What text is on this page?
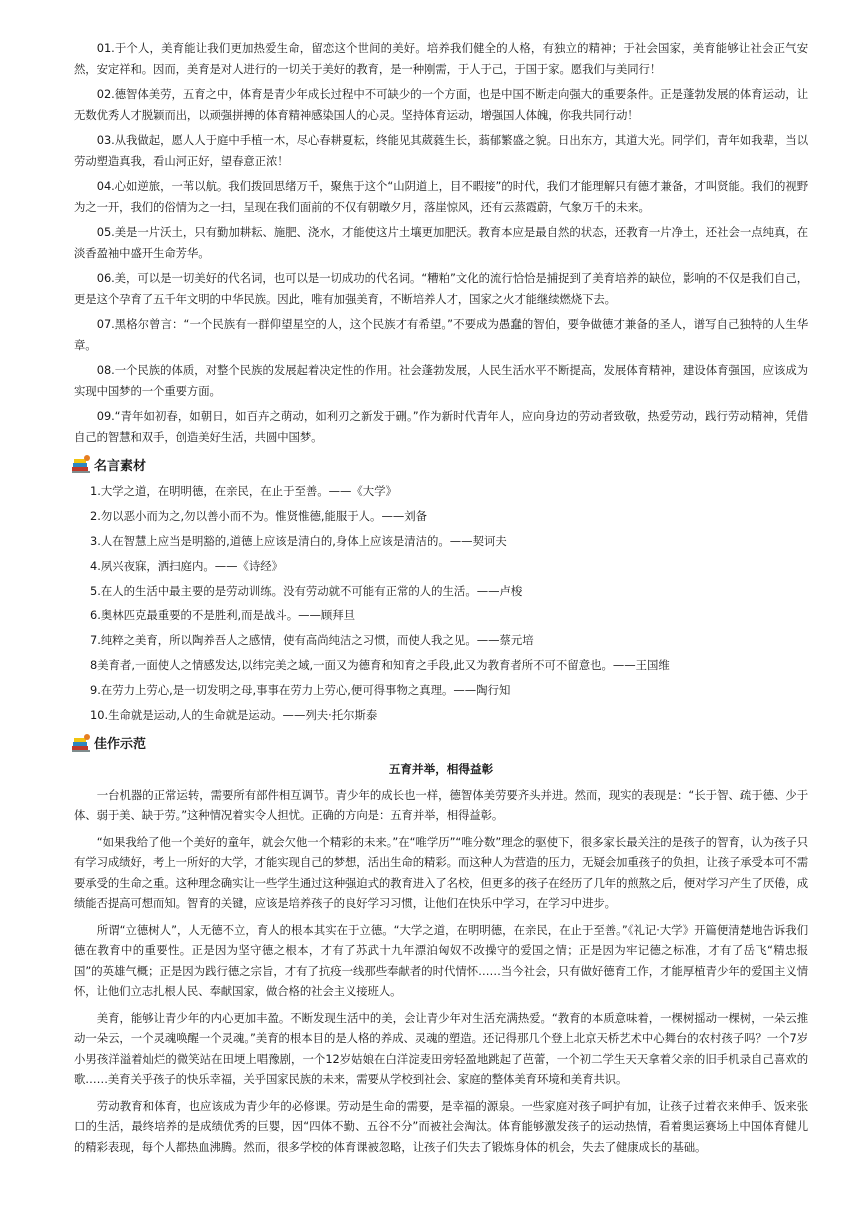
01.于个人，美育能让我们更加热爱生命，留恋这个世间的美好。培养我们健全的人格，有独立的精神；于社会国家，美育能够让社会正气安然，安定祥和。因而，美育是对人进行的一切关于美好的教育，是一种刚需，于人于己，于国于家。愿我们与美同行！

02.德智体美劳，五育之中，体育是青少年成长过程中不可缺少的一个方面，也是中国不断走向强大的重要条件。正是蓬勃发展的体育运动，让无数优秀人才脱颖而出，以顽强拼搏的体育精神感染国人的心灵。坚持体育运动，增强国人体魄，你我共同行动！

03.从我做起，愿人人于庭中手植一木，尽心春耕夏耘，终能见其葳蕤生长，蓊郁繁盛之貌。日出东方，其道大光。同学们，青年如我辈，当以劳动塑造真我，看山河正好，望春意正浓！

04.心如逆旅，一苇以航。我们拨回思绪万千，聚焦于这个“山阴道上，目不暇接”的时代，我们才能理解只有德才兼备，才叫贤能。我们的视野为之一开，我们的俗情为之一扫，呈现在我们面前的不仅有朝暾夕月，落崖惊风，还有云蒸霞蔚，气象万千的未来。

05.美是一片沃土，只有勤加耕耘、施肥、浇水，才能使这片土壤更加肥沃。教育本应是最自然的状态，还教育一片净土，还社会一点纯真，在淡香盈袖中盛开生命芳华。

06.美，可以是一切美好的代名词，也可以是一切成功的代名词。“糟粕”文化的流行恰恰是捕捉到了美育培养的缺位，影响的不仅是我们自己，更是这个孕育了五千年文明的中华民族。因此，唯有加强美育，不断培养人才，国家之火才能继续燃烧下去。

07.黑格尔曾言：“一个民族有一群仰望星空的人，这个民族才有希望。”不要成为愚蠢的智伯，要争做德才兼备的圣人，谱写自己独特的人生华章。

08.一个民族的体质，对整个民族的发展起着决定性的作用。社会蓬勃发展，人民生活水平不断提高，发展体育精神，建设体育强国，应该成为实现中国梦的一个重要方面。

09.“青年如初春，如朝日，如百卉之萌动，如利刃之新发于硎。”作为新时代青年人，应向身边的劳动者致敬，热爱劳动，践行劳动精神，凭借自己的智慧和双手，创造美好生活，共圆中国梦。

名言素材

1.大学之道，在明明德，在亲民，在止于至善。——《大学》

2.勿以恶小而为之,勿以善小而不为。惟贤惟德,能服于人。——刘备

3.人在智慧上应当是明豁的,道德上应该是清白的,身体上应该是清洁的。——契诃夫

4.夙兴夜寐，洒扫庭内。——《诗经》

5.在人的生活中最主要的是劳动训练。没有劳动就不可能有正常的人的生活。——卢梭

6.奥林匹克最重要的不是胜利,而是战斗。——顾拜旦

7.纯粹之美育，所以陶养吾人之感情，使有高尚纯洁之习惯，而使人我之见。——蔡元培

8美育者,一面使人之情感发达,以纬完美之域,一面又为德育和知育之手段,此又为教育者所不可不留意也。——王国维

9.在劳力上劳心,是一切发明之母,事事在劳力上劳心,便可得事物之真理。——陶行知

10.生命就是运动,人的生命就是运动。——列夫·托尔斯泰

佳作示范
五育并举，相得益彰

一台机器的正常运转，需要所有部件相互调节。青少年的成长也一样，德智体美劳要齐头并进。然而，现实的表现是：“长于智、疏于德、少于体、弱于美、缺于劳。”这种情况着实令人担忧。正确的方向是：五育并举，相得益彰。

“如果我给了他一个美好的童年，就会欠他一个精彩的未来。”在“唯学历”“唯分数”理念的驱使下，很多家长最关注的是孩子的智育，认为孩子只有学习成绩好，考上一所好的大学，才能实现自己的梦想，活出生命的精彩。而这种人为营造的压力，无疑会加重孩子的负担，让孩子承受本可不需要承受的生命之重。这种理念确实让一些学生通过这种强迫式的教育进入了名校，但更多的孩子在经历了几年的煎熬之后，便对学习产生了厌倦，成绩能否提高可想而知。智育的关键，应该是培养孩子的良好学习习惯，让他们在快乐中学习，在学习中进步。

所谓“立德树人”，人无德不立，育人的根本其实在于立德。“大学之道，在明明德，在亲民，在止于至善。”《礼记·大学》开篇便清楚地告诉我们德在教育中的重要性。正是因为坚守德之根本，才有了苏武十九年漂泊匈奴不改操守的爱国之情；正是因为牢记德之标准，才有了岳飞“精忠报国”的英雄气概；正是因为践行德之宗旨，才有了抗疫一线那些奉献者的时代情怀……当今社会，只有做好德育工作，才能厚植青少年的爱国主义情怀，让他们立志扎根人民、奉献国家，做合格的社会主义接班人。

美育，能够让青少年的内心更加丰盈。不断发现生活中的美，会让青少年对生活充满热爱。“教育的本质意味着，一棵树摇动一棵树，一朵云推动一朵云，一个灵魂唤醒一个灵魂。”美育的根本目的是人格的养成、灵魂的塑造。还记得那几个登上北京天桥艺术中心舞台的农村孩子吗？一个7岁小男孩洋溢着灿烂的微笑站在田埂上唱豫剧，一个12岁姑娘在白洋淀麦田旁轻盈地跳起了芭蕾，一个初二学生天天拿着父亲的旧手机录自己喜欢的歌……美育关乎孩子的快乐幸福，关乎国家民族的未来，需要从学校到社会、家庭的整体美育环境和美育共识。

劳动教育和体育，也应该成为青少年的必修课。劳动是生命的需要，是幸福的源泉。一些家庭对孩子呵护有加，让孩子过着衣来伸手、饭来张口的生活，最终培养的是成绩优秀的巨婴，因“四体不勤、五谷不分”而被社会淘汰。体育能够激发孩子的运动热情，看着奥运赛场上中国体育健儿的精彩表现，每个人都热血沸腾。然而，很多学校的体育课被忽略，让孩子们失去了锻炼身体的机会，失去了健康成长的基础。
